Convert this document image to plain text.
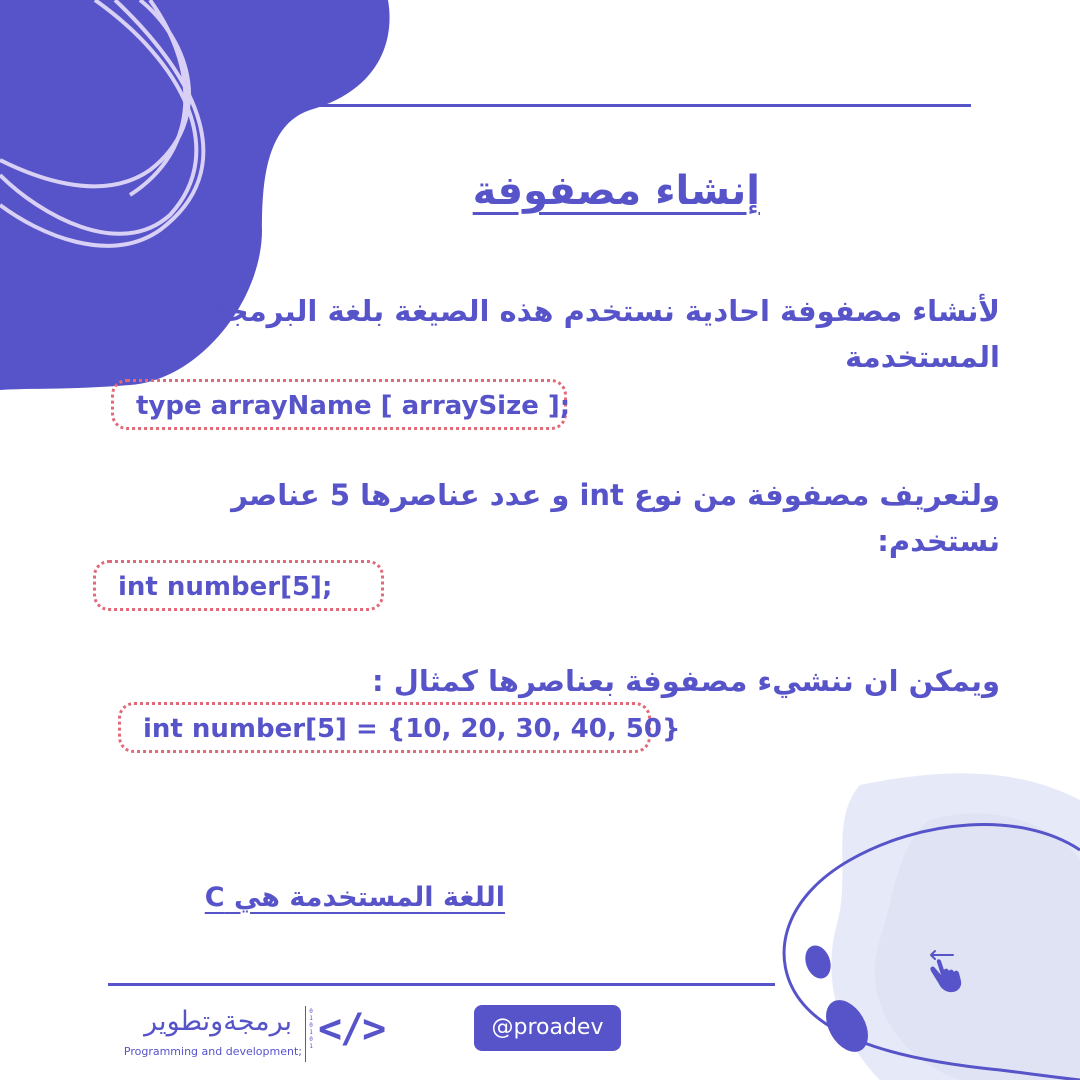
إنشاء مصفوفة
لأنشاء مصفوفة احادية نستخدم هذه الصيغة بلغة البرمجة المستخدمة
type arrayName [ arraySize ];
ولتعريف مصفوفة من نوع int و عدد عناصرها 5 عناصر نستخدم:
int number[5];
ويمكن ان ننشيء مصفوفة بعناصرها كمثال :
int number[5] = {10, 20, 30, 40, 50}
اللغة المستخدمة هي C
برمجةوتطوير
Programming and development;
0 1 0 1 0 1 </>	@proadev
